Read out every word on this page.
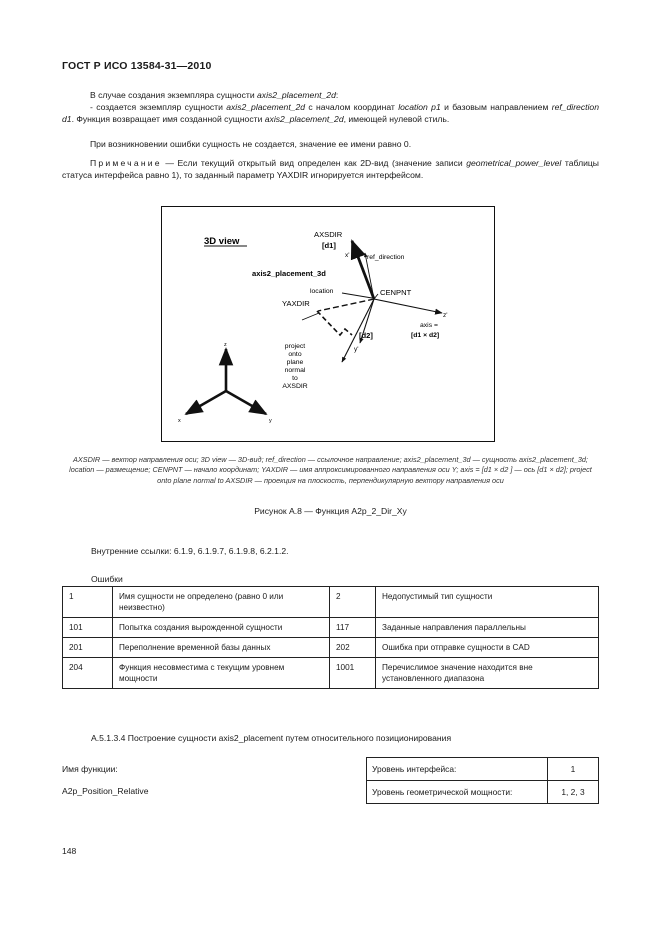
ГОСТ Р ИСО 13584-31—2010
В случае создания экземпляра сущности axis2_placement_2d:
- создается экземпляр сущности axis2_placement_2d с началом координат location p1 и базовым направлением ref_direction d1. Функция возвращает имя созданной сущности axis2_placement_2d, имеющей нулевой стиль.
При возникновении ошибки сущность не создается, значение ее имени равно 0.
Примечание — Если текущий открытый вид определен как 2D-вид (значение записи geometrical_power_level таблицы статуса интерфейса равно 1), то заданный параметр YAXDIR игнорируется интерфейсом.
3D view
AXSDIR
[d1]
x'	ref_direction
axis2_placement_3d
location	CENPNT
YAXDIR
z'
axis =
[d1 × d2]
[d2]
y'
project
onto
plane
normal
to
AXSDIR
z
x	y
AXSDIR — вектор направления оси; 3D view — 3D-вид; ref_direction — ссылочное направление; axis2_placement_3d — сущность axis2_placement_3d; location — размещение; CENPNT — начало координат; YAXDIR — имя аппроксимированного направления оси Y; axis = [d1 × d2 ] — ось [d1 × d2]; project onto plane normal to AXSDIR — проекция на плоскость, перпендикулярную вектору направления оси
Рисунок А.8 — Функция A2p_2_Dir_Xy
Внутренние ссылки: 6.1.9, 6.1.9.7, 6.1.9.8, 6.2.1.2.
Ошибки
1	Имя сущности не определено (равно 0 или неизвестно)	2	Недопустимый тип сущности
101	Попытка создания вырожденной сущности	117	Заданные направления параллельны
201	Переполнение временной базы данных	202	Ошибка при отправке сущности в CAD
204	Функция несовместима с текущим уровнем мощности	1001	Перечислимое значение находится вне установленного диапазона
A.5.1.3.4 Построение сущности axis2_placement путем относительного позиционирования
Имя функции:
A2p_Position_Relative
Уровень интерфейса:	1
Уровень геометрической мощности:	1, 2, 3
148
